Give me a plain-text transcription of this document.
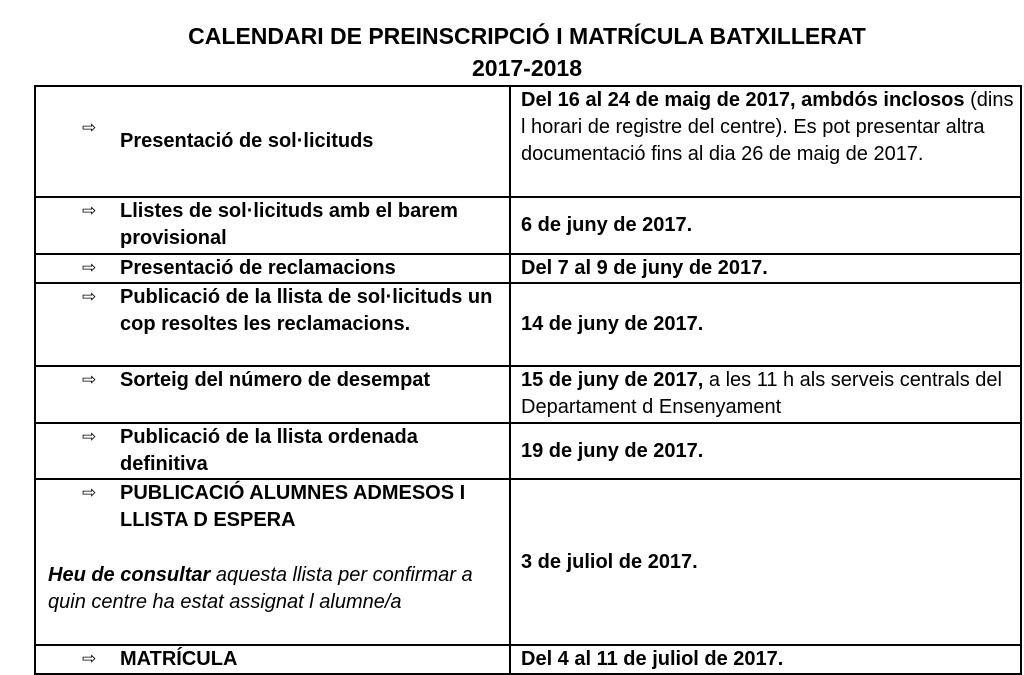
CALENDARI DE PREINSCRIPCIÓ I MATRÍCULA BATXILLERAT
2017-2018
⇨
Presentació de sol·licituds	Del 16 al 24 de maig de 2017, ambdós inclosos (dins l horari de registre del centre). Es pot presentar altra documentació fins al dia 26 de maig de 2017.

⇨ Llistes de sol·licituds amb el barem provisional	6 de juny de 2017.

⇨ Presentació de reclamacions	Del 7 al 9 de juny de 2017.

⇨ Publicació de la llista de sol·licituds un cop resoltes les reclamacions.	14 de juny de 2017.

⇨ Sorteig del número de desempat	15 de juny de 2017, a les 11 h als serveis centrals del Departament d Ensenyament

⇨ Publicació de la llista ordenada definitiva	19 de juny de 2017.

⇨ PUBLICACIÓ ALUMNES ADMESOS I LLISTA D ESPERA
Heu de consultar aquesta llista per confirmar a quin centre ha estat assignat l alumne/a	3 de juliol de 2017.

⇨ MATRÍCULA	Del 4 al 11 de juliol de 2017.
